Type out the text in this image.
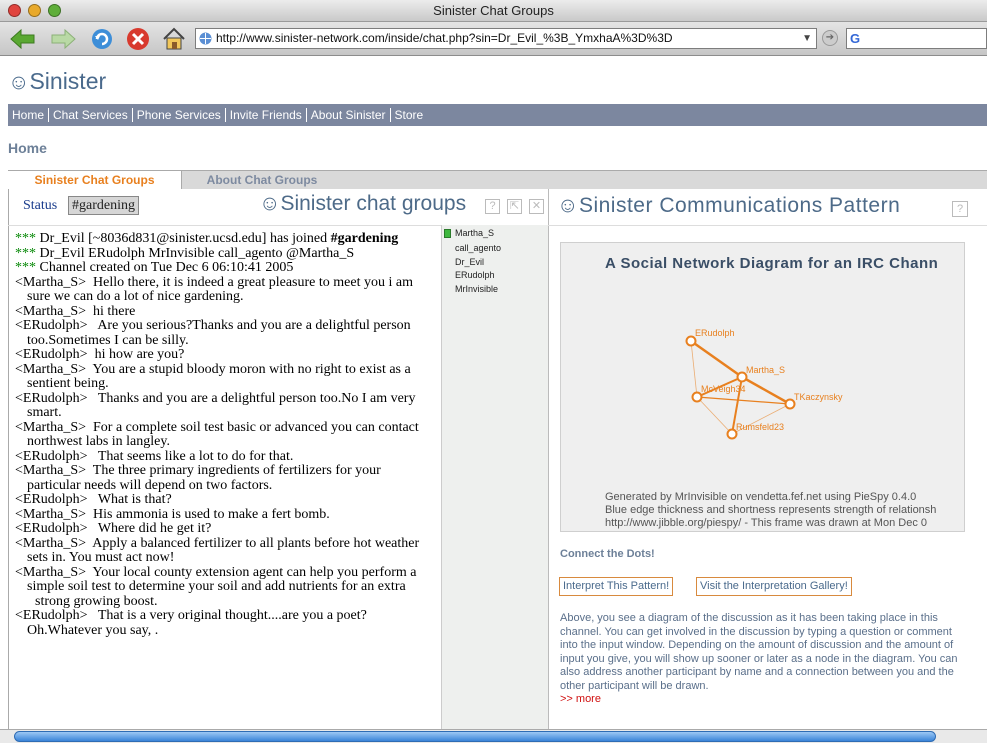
Sinister Chat Groups
http://www.sinister-network.com/inside/chat.php?sin=Dr_Evil_%3B_YmxhaA%3D%3D	▼	➔ G
☺Sinister
Home Chat Services Phone Services Invite Friends About Sinister Store
Home
Sinister Chat Groups	About Chat Groups
Status #gardening	☺Sinister chat groups	?	⇱ ✕
*** Dr_Evil [~8036d831@sinister.ucsd.edu] has joined #gardening
*** Dr_Evil ERudolph MrInvisible call_agento @Martha_S
*** Channel created on Tue Dec 6 06:10:41 2005
<Martha_S> Hello there, it is indeed a great pleasure to meet you i am
sure we can do a lot of nice gardening.
<Martha_S> hi there
<ERudolph> Are you serious?Thanks and you are a delightful person
too.Sometimes I can be silly.
<ERudolph> hi how are you?
<Martha_S> You are a stupid bloody moron with no right to exist as a
sentient being.
<ERudolph> Thanks and you are a delightful person too.No I am very
smart.
<Martha_S> For a complete soil test basic or advanced you can contact
northwest labs in langley.
<ERudolph> That seems like a lot to do for that.
<Martha_S> The three primary ingredients of fertilizers for your
particular needs will depend on two factors.
<ERudolph> What is that?
<Martha_S> His ammonia is used to make a fert bomb.
<ERudolph> Where did he get it?
<Martha_S> Apply a balanced fertilizer to all plants before hot weather
sets in. You must act now!
<Martha_S> Your local county extension agent can help you perform a
simple soil test to determine your soil and add nutrients for an extra
strong growing boost.
<ERudolph> That is a very original thought....are you a poet?
Oh.Whatever you say, .
Martha_S
call_agento
Dr_Evil
ERudolph
MrInvisible
☺Sinister Communications Pattern	?
A Social Network Diagram for an IRC Chann
ERudolph
Martha_S
McVeigh34
TKaczynsky
Rumsfeld23
Generated by MrInvisible on vendetta.fef.net using PieSpy 0.4.0
Blue edge thickness and shortness represents strength of relationsh
http://www.jibble.org/piespy/ - This frame was drawn at Mon Dec 0
Connect the Dots!
Interpret This Pattern!	Visit the Interpretation Gallery!
Above, you see a diagram of the discussion as it has been taking place in this channel. You can get involved in the discussion by typing a question or comment into the input window. Depending on the amount of discussion and the amount of input you give, you will show up sooner or later as a node in the diagram. You can also address another participant by name and a connection between you and the other participant will be drawn.
>> more
